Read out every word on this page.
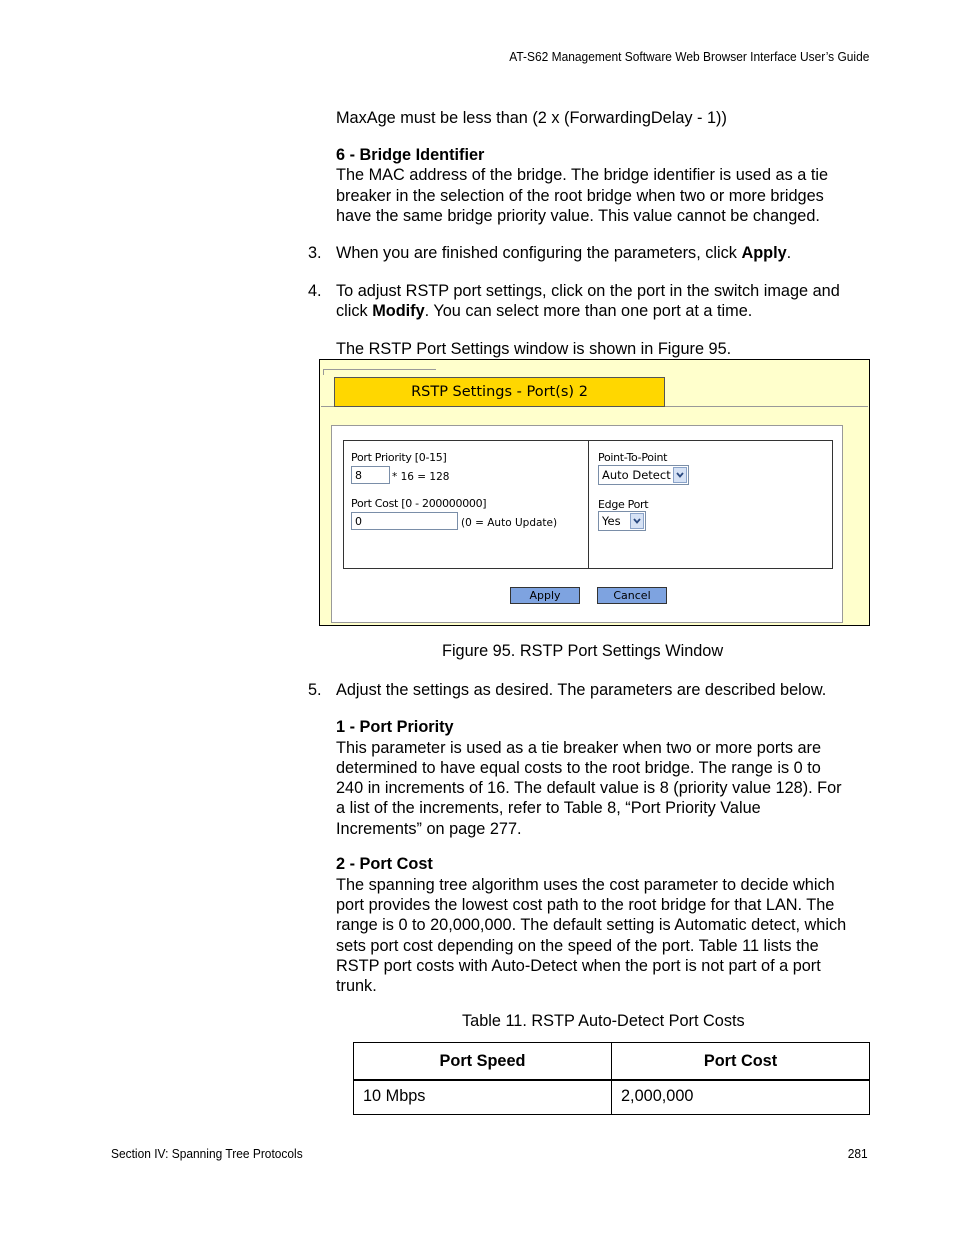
AT-S62 Management Software Web Browser Interface User’s Guide
MaxAge must be less than (2 x (ForwardingDelay - 1))
6 - Bridge Identifier
The MAC address of the bridge. The bridge identifier is used as a tie
breaker in the selection of the root bridge when two or more bridges
have the same bridge priority value. This value cannot be changed.
3. When you are finished configuring the parameters, click Apply.
4. To adjust RSTP port settings, click on the port in the switch image and
click Modify. You can select more than one port at a time.
The RSTP Port Settings window is shown in Figure 95.
RSTP Settings - Port(s) 2
Port Priority [0-15]
8	* 16 = 128
Port Cost [0 - 200000000]
0	(0 = Auto Update)
Point-To-Point
Auto Detect
Edge Port
Yes
Apply	Cancel
Figure 95. RSTP Port Settings Window
5. Adjust the settings as desired. The parameters are described below.
1 - Port Priority
This parameter is used as a tie breaker when two or more ports are
determined to have equal costs to the root bridge. The range is 0 to
240 in increments of 16. The default value is 8 (priority value 128). For
a list of the increments, refer to Table 8, “Port Priority Value
Increments” on page 277.
2 - Port Cost
The spanning tree algorithm uses the cost parameter to decide which
port provides the lowest cost path to the root bridge for that LAN. The
range is 0 to 20,000,000. The default setting is Automatic detect, which
sets port cost depending on the speed of the port. Table 11 lists the
RSTP port costs with Auto-Detect when the port is not part of a port
trunk.
Table 11. RSTP Auto-Detect Port Costs
Port Speed	Port Cost
10 Mbps	2,000,000
Section IV: Spanning Tree Protocols	281
